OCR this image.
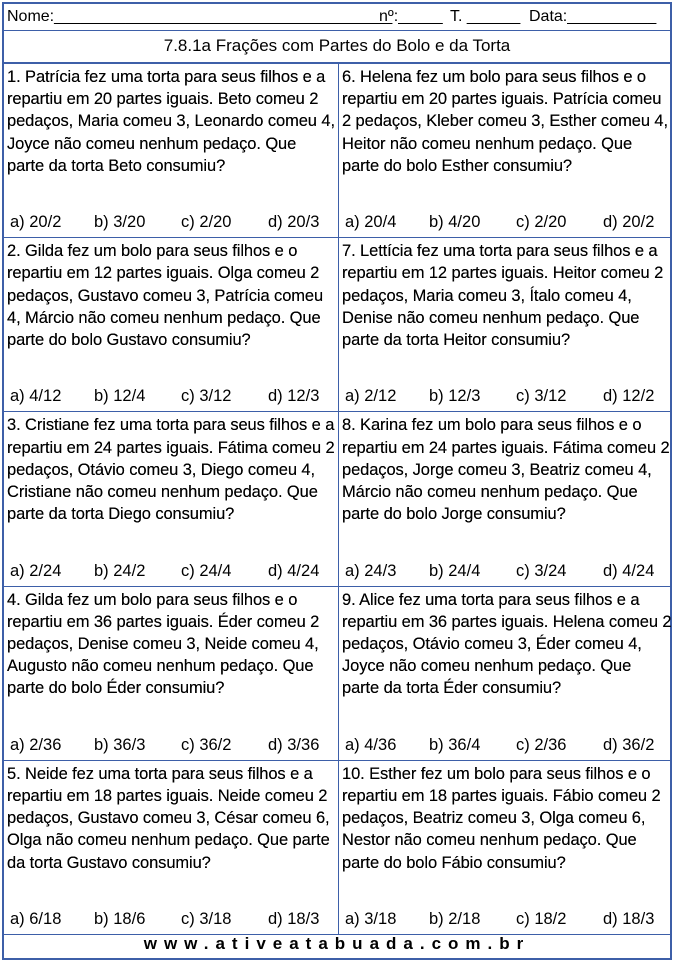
Nome:______________________________________
nº:_____ T. ______ Data:__________
7.8.1a Frações com Partes do Bolo e da Torta
1. Patrícia fez uma torta para seus filhos e a repartiu em 20 partes iguais. Beto comeu 2 pedaços, Maria comeu 3, Leonardo comeu 4, Joyce não comeu nenhum pedaço. Que parte da torta Beto consumiu?
a) 20/2 b) 3/20 c) 2/20 d) 20/3
6. Helena fez um bolo para seus filhos e o repartiu em 20 partes iguais. Patrícia comeu 2 pedaços, Kleber comeu 3, Esther comeu 4, Heitor não comeu nenhum pedaço. Que parte do bolo Esther consumiu?
a) 20/4 b) 4/20 c) 2/20 d) 20/2
2. Gilda fez um bolo para seus filhos e o repartiu em 12 partes iguais. Olga comeu 2 pedaços, Gustavo comeu 3, Patrícia comeu 4, Márcio não comeu nenhum pedaço. Que parte do bolo Gustavo consumiu?
a) 4/12 b) 12/4 c) 3/12 d) 12/3
7. Lettícia fez uma torta para seus filhos e a repartiu em 12 partes iguais. Heitor comeu 2 pedaços, Maria comeu 3, Ítalo comeu 4, Denise não comeu nenhum pedaço. Que parte da torta Heitor consumiu?
a) 2/12 b) 12/3 c) 3/12 d) 12/2
3. Cristiane fez uma torta para seus filhos e a repartiu em 24 partes iguais. Fátima comeu 2 pedaços, Otávio comeu 3, Diego comeu 4, Cristiane não comeu nenhum pedaço. Que parte da torta Diego consumiu?
a) 2/24 b) 24/2 c) 24/4 d) 4/24
8. Karina fez um bolo para seus filhos e o repartiu em 24 partes iguais. Fátima comeu 2 pedaços, Jorge comeu 3, Beatriz comeu 4, Márcio não comeu nenhum pedaço. Que parte do bolo Jorge consumiu?
a) 24/3 b) 24/4 c) 3/24 d) 4/24
4. Gilda fez um bolo para seus filhos e o repartiu em 36 partes iguais. Éder comeu 2 pedaços, Denise comeu 3, Neide comeu 4, Augusto não comeu nenhum pedaço. Que parte do bolo Éder consumiu?
a) 2/36 b) 36/3 c) 36/2 d) 3/36
9. Alice fez uma torta para seus filhos e a repartiu em 36 partes iguais. Helena comeu 2 pedaços, Otávio comeu 3, Éder comeu 4, Joyce não comeu nenhum pedaço. Que parte da torta Éder consumiu?
a) 4/36 b) 36/4 c) 2/36 d) 36/2
5. Neide fez uma torta para seus filhos e a repartiu em 18 partes iguais. Neide comeu 2 pedaços, Gustavo comeu 3, César comeu 6, Olga não comeu nenhum pedaço. Que parte da torta Gustavo consumiu?
a) 6/18 b) 18/6 c) 3/18 d) 18/3
10. Esther fez um bolo para seus filhos e o repartiu em 18 partes iguais. Fábio comeu 2 pedaços, Beatriz comeu 3, Olga comeu 6, Nestor não comeu nenhum pedaço. Que parte do bolo Fábio consumiu?
a) 3/18 b) 2/18 c) 18/2 d) 18/3
www.ativeatabuada.com.br
